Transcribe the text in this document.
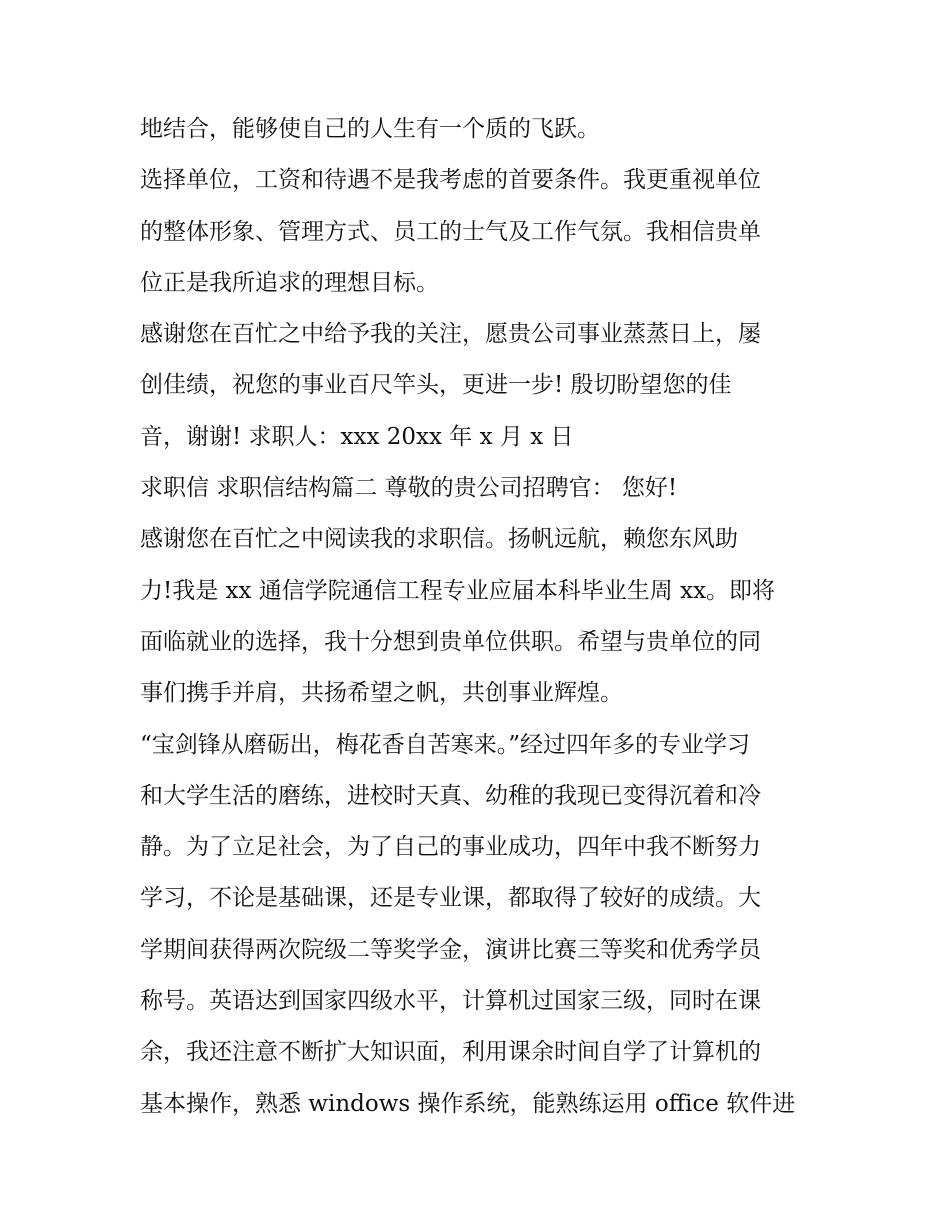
地结合，能够使自己的人生有一个质的飞跃。
选择单位，工资和待遇不是我考虑的首要条件。我更重视单位
的整体形象、管理方式、员工的士气及工作气氛。我相信贵单
位正是我所追求的理想目标。
感谢您在百忙之中给予我的关注，愿贵公司事业蒸蒸日上，屡
创佳绩，祝您的事业百尺竿头，更进一步! 殷切盼望您的佳
音，谢谢! 求职人：xxx 20xx 年 x 月 x 日
求职信 求职信结构篇二 尊敬的贵公司招聘官： 您好!
感谢您在百忙之中阅读我的求职信。扬帆远航，赖您东风助
力!我是 xx 通信学院通信工程专业应届本科毕业生周 xx。即将
面临就业的选择，我十分想到贵单位供职。希望与贵单位的同
事们携手并肩，共扬希望之帆，共创事业辉煌。
“宝剑锋从磨砺出，梅花香自苦寒来。”经过四年多的专业学习
和大学生活的磨练，进校时天真、幼稚的我现已变得沉着和冷
静。为了立足社会，为了自己的事业成功，四年中我不断努力
学习，不论是基础课，还是专业课，都取得了较好的成绩。大
学期间获得两次院级二等奖学金，演讲比赛三等奖和优秀学员
称号。英语达到国家四级水平，计算机过国家三级，同时在课
余，我还注意不断扩大知识面，利用课余时间自学了计算机的
基本操作，熟悉 windows 操作系统，能熟练运用 office 软件进
